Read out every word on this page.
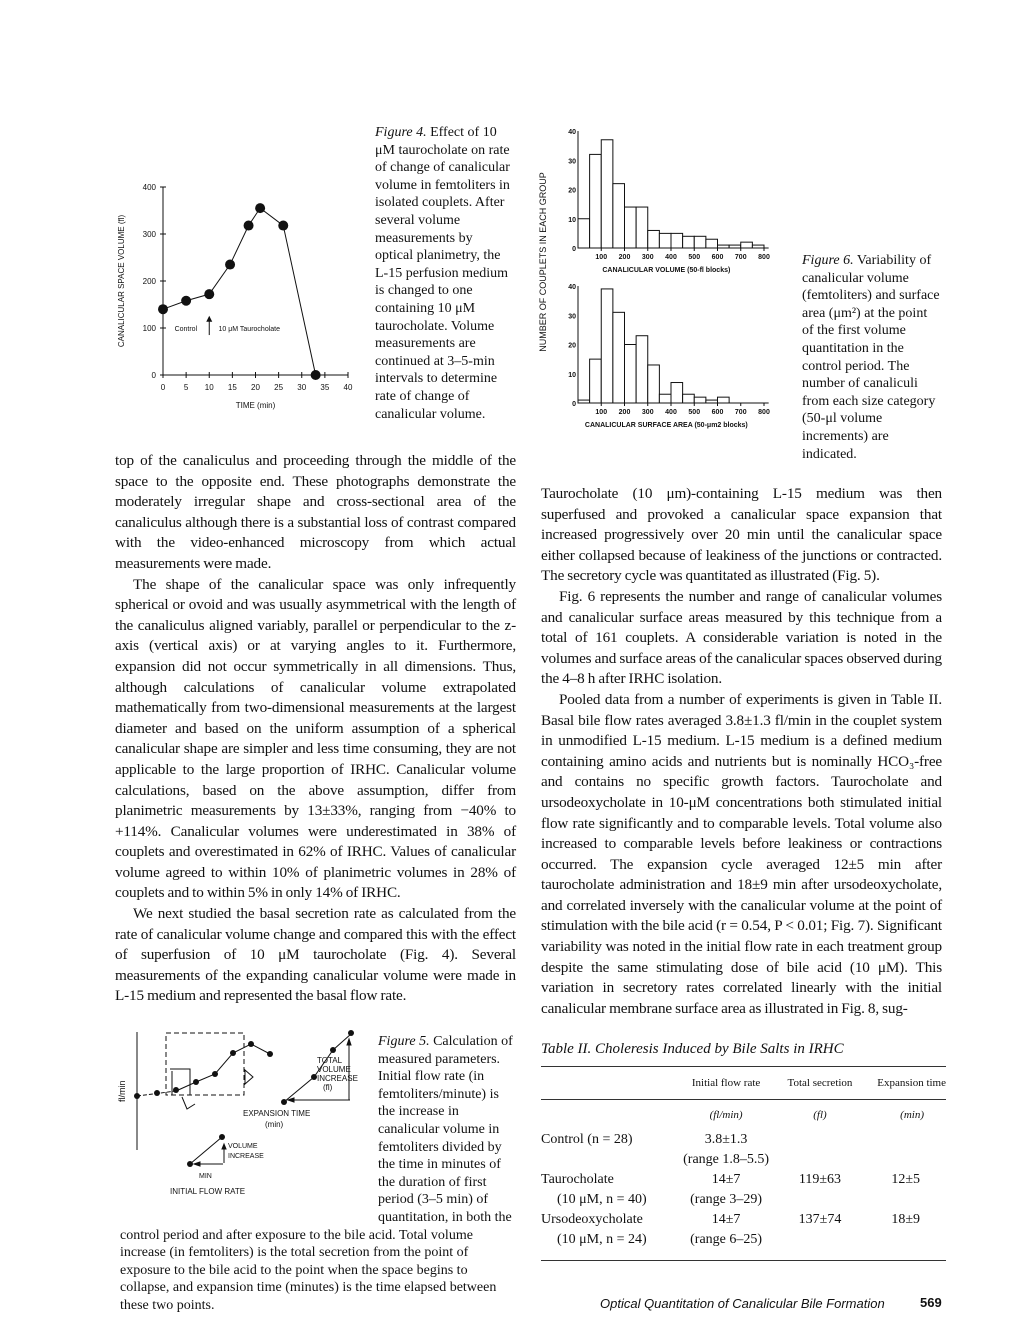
0 5 10 15 20 25 30 35 40
0
100
200
300
400
TIME (min)
CANALICULAR SPACE VOLUME (fl)	Control	10 μM Taurocholate
Figure 4. Effect of 10 μM taurocholate on rate of change of canalicular volume in femtoliters in isolated couplets. After several volume measurements by optical planimetry, the L-15 perfusion medium is changed to one containing 10 μM taurocholate. Volume measurements are continued at 3–5-min intervals to determine rate of change of canalicular volume.
NUMBER OF COUPLETS IN EACH GROUP	100 200 300 400 500 600 700 800
0
10
20
30
40
CANALICULAR VOLUME (50-fl blocks)
100 200 300 400 500 600 700 800
0
10
20
30
40
CANALICULAR SURFACE AREA (50-μm2 blocks)
Figure 6. Variability of canalicular volume (femtoliters) and surface area (μm²) at the point of the first volume quantitation in the control period. The number of canaliculi from each size category (50-μl volume increments) are indicated.

top of the canaliculus and proceeding through the middle of the space to the opposite end. These photographs demonstrate the moderately irregular shape and cross-sectional area of the canaliculus although there is a substantial loss of contrast compared with the video-enhanced microscopy from which actual measurements were made.

The shape of the canalicular space was only infrequently spherical or ovoid and was usually asymmetrical with the length of the canaliculus aligned variably, parallel or perpendicular to the z-axis (vertical axis) or at varying angles to it. Furthermore, expansion did not occur symmetrically in all dimensions. Thus, although calculations of canalicular volume extrapolated mathematically from two-dimensional measurements at the largest diameter and based on the uniform assumption of a spherical canalicular shape are simpler and less time consuming, they are not applicable to the large proportion of IRHC. Canalicular volume calculations, based on the above assumption, differ from planimetric measurements by 13±33%, ranging from −40% to +114%. Canalicular volumes were underestimated in 38% of couplets and overestimated in 62% of IRHC. Values of canalicular volume agreed to within 10% of planimetric volumes in 28% of couplets and to within 5% in only 14% of IRHC.

We next studied the basal secretion rate as calculated from the rate of canalicular volume change and compared this with the effect of superfusion of 10 μM taurocholate (Fig. 4). Several measurements of the expanding canalicular volume were made in L-15 medium and represented the basal flow rate.

fl/min
TOTAL
VOLUME
INCREASE
(fl)
EXPANSION TIME
(min)
VOLUME
INCREASE
MIN
INITIAL FLOW RATE
Figure 5. Calculation of measured parameters. Initial flow rate (in femtoliters/minute) is the increase in canalicular volume in femtoliters divided by the time in minutes of the duration of first period (3–5 min) of quantitation, in both the control period and after exposure to the bile acid. Total volume increase (in femtoliters) is the total secretion from the point of exposure to the bile acid to the point when the space begins to collapse, and expansion time (minutes) is the time elapsed between these two points.

Taurocholate (10 μm)-containing L-15 medium was then superfused and provoked a canalicular space expansion that increased progressively over 20 min until the canalicular space either collapsed because of leakiness of the junctions or contracted. The secretory cycle was quantitated as illustrated (Fig. 5).

Fig. 6 represents the number and range of canalicular volumes and canalicular surface areas measured by this technique from a total of 161 couplets. A considerable variation is noted in the volumes and surface areas of the canalicular spaces observed during the 4–8 h after IRHC isolation.

Pooled data from a number of experiments is given in Table II. Basal bile flow rates averaged 3.8±1.3 fl/min in the couplet system in unmodified L-15 medium. L-15 medium is a defined medium containing amino acids and nutrients but is nominally HCO₃-free and contains no specific growth factors. Taurocholate and ursodeoxycholate in 10-μM concentrations both stimulated initial flow rate significantly and to comparable levels. Total volume also increased to comparable levels before leakiness or contractions occurred. The expansion cycle averaged 12±5 min after taurocholate administration and 18±9 min after ursodeoxycholate, and correlated inversely with the canalicular volume at the point of stimulation with the bile acid (r = 0.54, P < 0.01; Fig. 7). Significant variability was noted in the initial flow rate in each treatment group despite the same stimulating dose of bile acid (10 μM). This variation in secretory rates correlated linearly with the initial canalicular membrane surface area as illustrated in Fig. 8, sug-

Table II. Choleresis Induced by Bile Salts in IRHC
	Initial flow rate	Total secretion	Expansion time
	(fl/min)	(fl)	(min)
Control (n = 28)	3.8±1.3		
	(range 1.8–5.5)		
Taurocholate	14±7	119±63	12±5
(10 μM, n = 40)	(range 3–29)		
Ursodeoxycholate	14±7	137±74	18±9
(10 μM, n = 24)	(range 6–25)		
Optical Quantitation of Canalicular Bile Formation	569
